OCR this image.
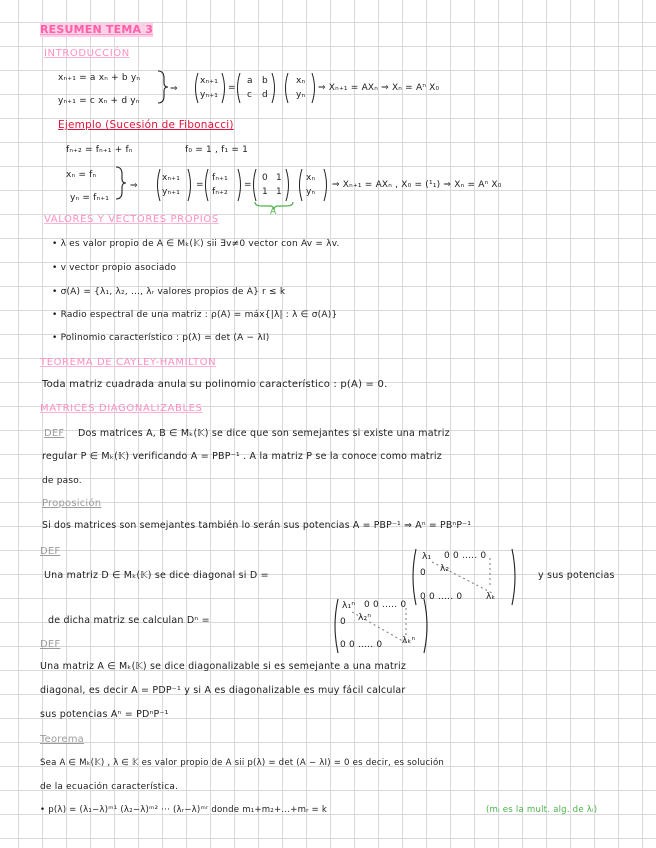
RESUMEN TEMA 3
INTRODUCCIÓN
xₙ₊₁ = a xₙ + b yₙ
yₙ₊₁ = c xₙ + d yₙ
⇒
xₙ₊₁
yₙ₊₁
=
a b
c d
xₙ
yₙ
⇒ Xₙ₊₁ = AXₙ ⇒ Xₙ = Aⁿ X₀
Ejemplo (Sucesión de Fibonacci)
fₙ₊₂ = fₙ₊₁ + fₙ	f₀ = 1 , f₁ = 1
xₙ = fₙ
yₙ = fₙ₊₁
⇒
xₙ₊₁
yₙ₊₁
=
fₙ₊₁
fₙ₊₂
=
0 1
1 1
A
xₙ
yₙ
⇒ Xₙ₊₁ = AXₙ , X₀ = (¹₁) ⇒ Xₙ = Aⁿ X₀
VALORES Y VECTORES PROPIOS
• λ es valor propio de A ∈ Mₖ(𝕂) sii ∃v≠0 vector con Av = λv.
• v vector propio asociado
• σ(A) = {λ₁, λ₂, ..., λᵣ valores propios de A} r ≤ k
• Radio espectral de una matriz : ρ(A) = máx{|λ| : λ ∈ σ(A)}
• Polinomio característico : p(λ) = det (A − λI)
TEOREMA DE CAYLEY-HAMILTON
Toda matriz cuadrada anula su polinomio característico : p(A) = 0.
MATRICES DIAGONALIZABLES
DEF Dos matrices A, B ∈ Mₖ(𝕂) se dice que son semejantes si existe una matriz
regular P ∈ Mₖ(𝕂) verificando A = PBP⁻¹ . A la matriz P se la conoce como matriz
de paso.
Proposición
Si dos matrices son semejantes también lo serán sus potencias A = PBP⁻¹ ⇒ Aⁿ = PBⁿP⁻¹
DEF
Una matriz D ∈ Mₖ(𝕂) se dice diagonal si D =
λ₁ 0 0 ..... 0
λ₂
0
0 0 ..... 0	λₖ
y sus potencias
de dicha matriz se calculan Dⁿ =
λ₁ⁿ 0 0 ..... 0
λ₂ⁿ
0
0 0 ..... 0 λₖⁿ
DEF
Una matriz A ∈ Mₖ(𝕂) se dice diagonalizable si es semejante a una matriz
diagonal, es decir A = PDP⁻¹ y si A es diagonalizable es muy fácil calcular
sus potencias Aⁿ = PDⁿP⁻¹
Teorema
Sea A ∈ Mₖ(𝕂) , λ ∈ 𝕂 es valor propio de A sii p(λ) = det (A − λI) = 0 es decir, es solución
de la ecuación característica.
• p(λ) = (λ₁−λ)ᵐ¹ (λ₂−λ)ᵐ² ··· (λᵣ−λ)ᵐʳ donde m₁+m₂+...+mᵣ = k	(mᵢ es la mult. alg. de λᵢ)
